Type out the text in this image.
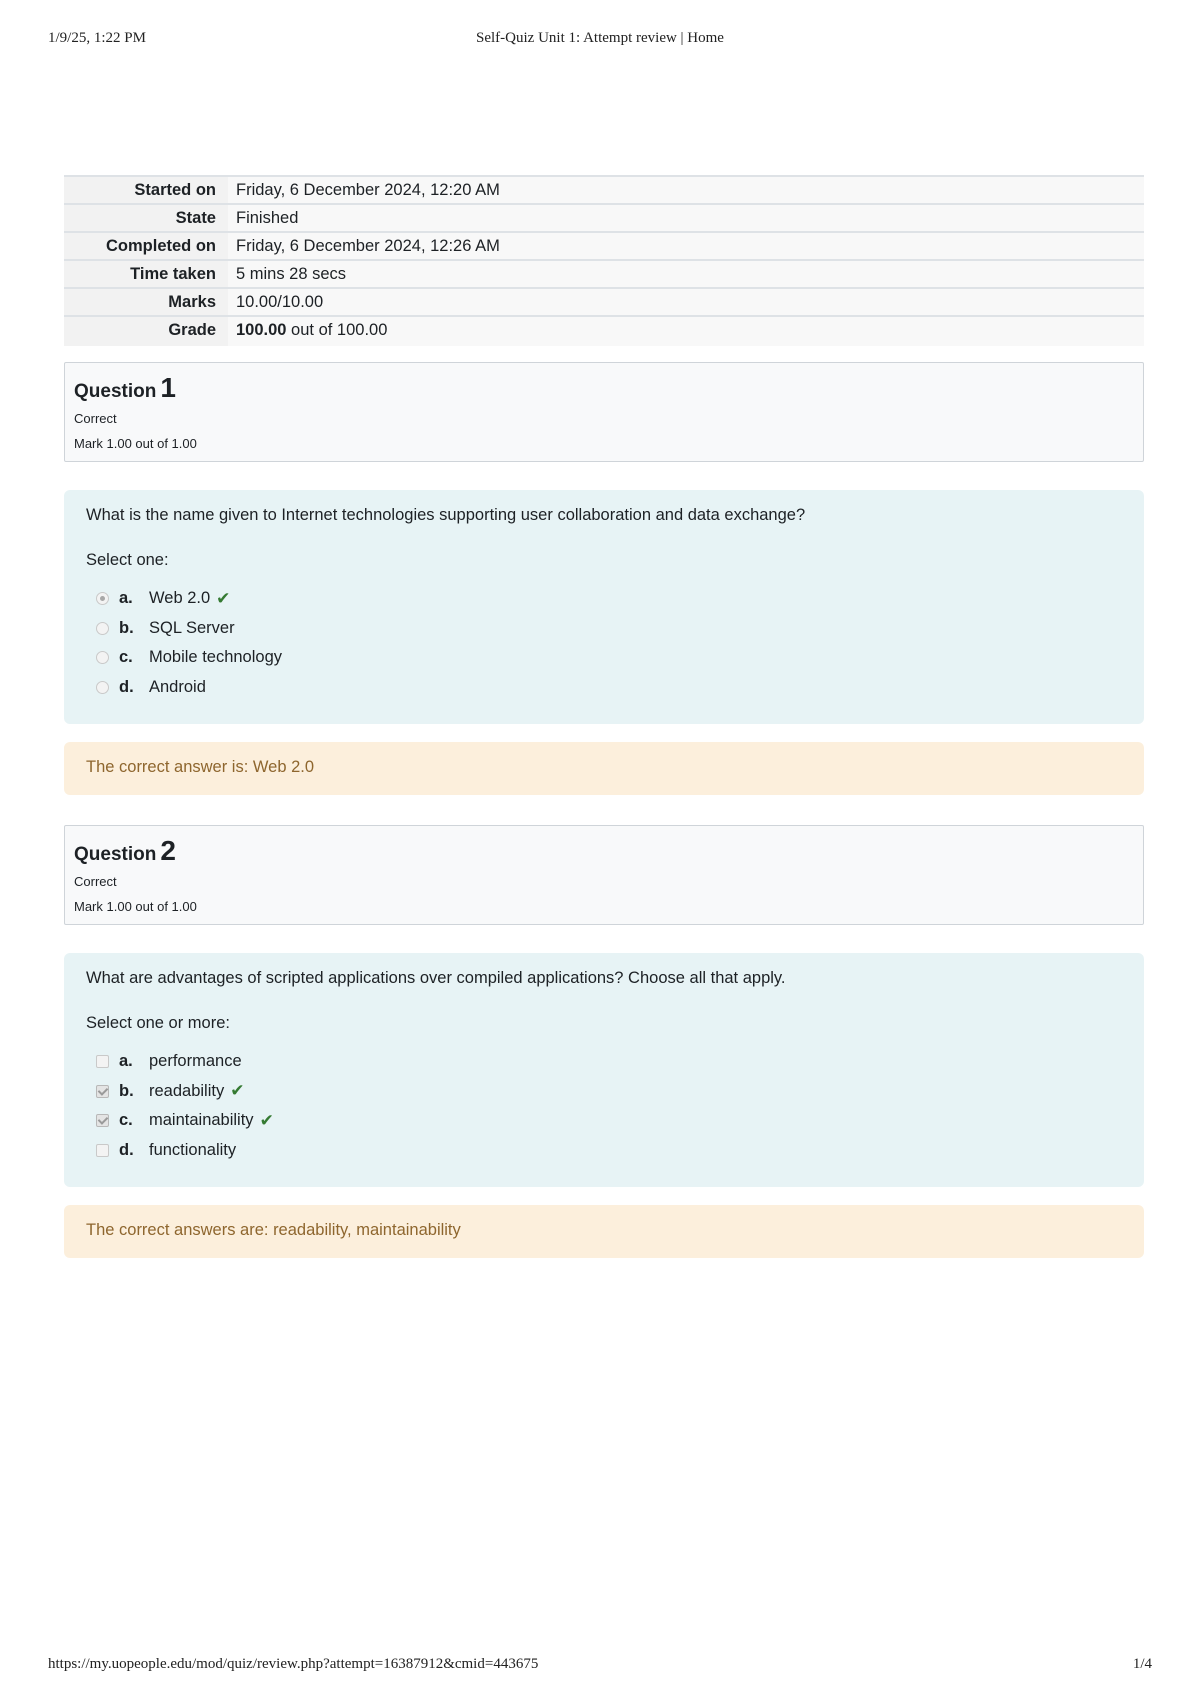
1/9/25, 1:22 PM	Self-Quiz Unit 1: Attempt review | Home
Started on	Friday, 6 December 2024, 12:20 AM
State	Finished
Completed on	Friday, 6 December 2024, 12:26 AM
Time taken	5 mins 28 secs
Marks	10.00/10.00
Grade	100.00 out of 100.00
Question 1
Correct
Mark 1.00 out of 1.00
What is the name given to Internet technologies supporting user collaboration and data exchange?
Select one:
a. Web 2.0 ✔
b. SQL Server
c. Mobile technology
d. Android
The correct answer is: Web 2.0
Question 2
Correct
Mark 1.00 out of 1.00
What are advantages of scripted applications over compiled applications? Choose all that apply.
Select one or more:
a. performance
b. readability ✔
c. maintainability ✔
d. functionality
The correct answers are: readability, maintainability
https://my.uopeople.edu/mod/quiz/review.php?attempt=16387912&cmid=443675	1/4
